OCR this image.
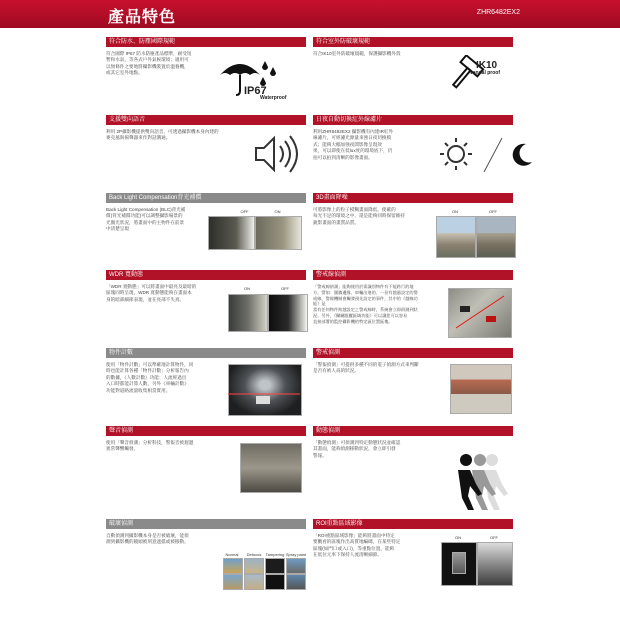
產品特色	ZHR6482EX2
符合防水、防塵國際規範
符合國際 IP67 防水防塵產品標準，耐受短
暫和水氣，等各式戶外氣候環境；適用可
以無條件之要地將攝影機裝置於溫養機，
或其它室外地點。
IP67
Waterproof
符合室外防破壞規範
符合IK10室外防破壞規範，保護攝影機外殼
IK10
vandal proof
支援雙向語音
利用 2P攝影機提供雙向語音，可透過攝影機本身內建的
麥克風與揚聲器來作對話溝通。
日夜自動切換紅外線濾片
利用ZHR6482EX2 攝影機有內建IR紅外
線濾片，可經濾光源量來強日夜切換模
式；能夠大幅加強夜間影像呈現效
果，可以即使在低lux度的環境底下，仍
拍可以拍到清晰的影像畫面。
Back Light Compensation背光補償
Back Light Compensation (BLC)背光補
償(背光補償功能)可以調整攝影場景的
光圈光狀況，將畫面中的主物件在前景
中清楚呈現
OFF	ON
3D畫面降噪
可將影像上的粒子模糊畫面降低，使確的
每光不足的環境之中，還是能夠同時保留維持
銳影畫面的畫質品質。
ON	OFF
WDR 寬動態
「WDR 寬動態」可以將畫面中最亮及最暗的
區塊同時呈現，WDR 寬動態能夠在畫面本
身的暗部細節表現，並在亮部不失真。
ON	OFF
警戒線偵測
「警戒線偵測」能夠使用於需識別物件有不能跨行的地
方，譬如：圍牆邊緣、車輛出進的、一但有越過設定的警
戒線，警報機制會觸發預先設定的事件，其中的《越線功
能》是
當有任何物件跨越設定之警戒線時，系統會立即偵測到狀
況。另外，《攝屬跟蹤區域功能》可以讓您可以容易
直接部署的監控攝影機的特定區位置區塊。
物件計數
使用「物件計數」可以準確地計算物件，同
時也能計算各種「物件計數」分析報告內
的數據，《人數計數》功能：人流經過出
入口時都能計算人數，另外《車輛計數》
功能對道路流量收集相當實用。
警戒偵測
「警報偵測」可提供多種不同的電子偵測方式來判斷
是否有被人爲的狀況。
聲音偵測
使用「聲音偵測」分析科技，警報音被週邊
異常聲響觸發。
動態偵測
「動態偵測」可偵測到特定動態狀況並確認
其畫面，能夠偵測移動狀況，會立即引發
警報。
破壞偵測
自動偵測到攝影機本身是否被破壞，能偵
測到攝影機的鏡頭被刻意遮擋或被移動。
Normal	Defocus	Tampering Spray paint
ROI重點區域影像
「ROI重點區域影像」能夠將畫面中特定
要觀看的區塊作出高質地編碼，在某些特定
區塊(如門口或入口)，等重點位置，能夠
在低位元率下保持人流清晰細節。
ON	OFF
